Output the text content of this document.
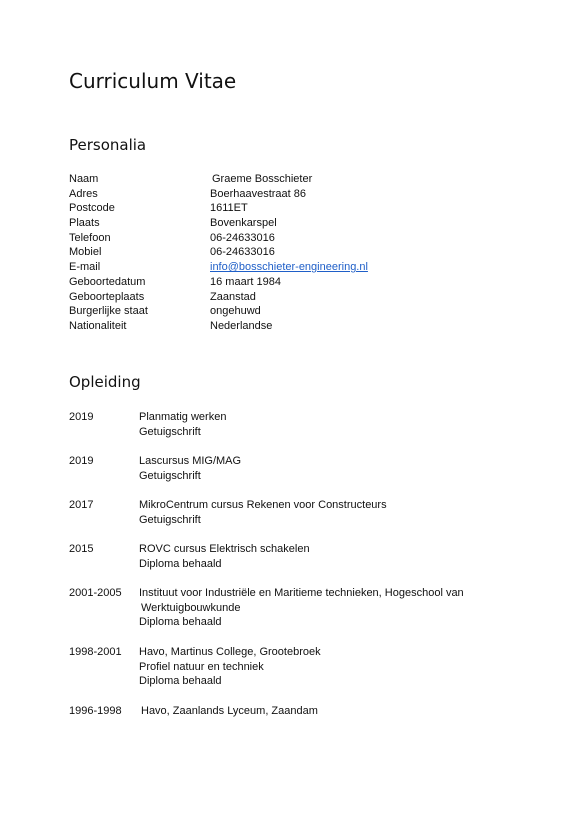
Curriculum Vitae
Personalia
Naam	Graeme Bosschieter
Adres	Boerhaavestraat 86
Postcode	1611ET
Plaats	Bovenkarspel
Telefoon	06-24633016
Mobiel	06-24633016
E-mail	info@bosschieter-engineering.nl
Geboortedatum	16 maart 1984
Geboorteplaats	Zaanstad
Burgerlijke staat	ongehuwd
Nationaliteit	Nederlandse
Opleiding
2019	Planmatig werken
Getuigschrift
2019	Lascursus MIG/MAG
Getuigschrift
2017	MikroCentrum cursus Rekenen voor Constructeurs
Getuigschrift
2015	ROVC cursus Elektrisch schakelen
Diploma behaald
2001-2005 Instituut voor Industriële en Maritieme technieken, Hogeschool van
Werktuigbouwkunde
Diploma behaald
1998-2001 Havo, Martinus College, Grootebroek
Profiel natuur en techniek
Diploma behaald
1996-1998 Havo, Zaanlands Lyceum, Zaandam
